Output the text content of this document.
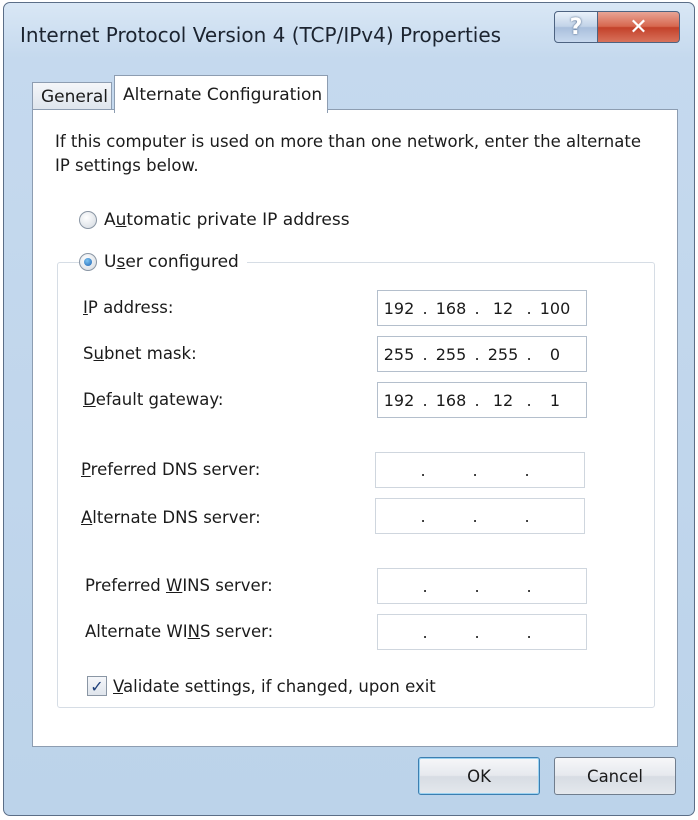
Internet Protocol Version 4 (TCP/IPv4) Properties	? ✕
General Alternate Configuration
If this computer is used on more than one network, enter the alternate
IP settings below.
Automatic private IP address
User configured
IP address:	192 . 168 . 12 . 100
Subnet mask:	255 . 255 . 255 .	0
Default gateway:	192 . 168 . 12 .	1
Preferred DNS server:	.	.	.
Alternate DNS server:	.	.	.
Preferred WINS server:	.	.	.
Alternate WINS server:	.	.	.
✓ Validate settings, if changed, upon exit
OK	Cancel
